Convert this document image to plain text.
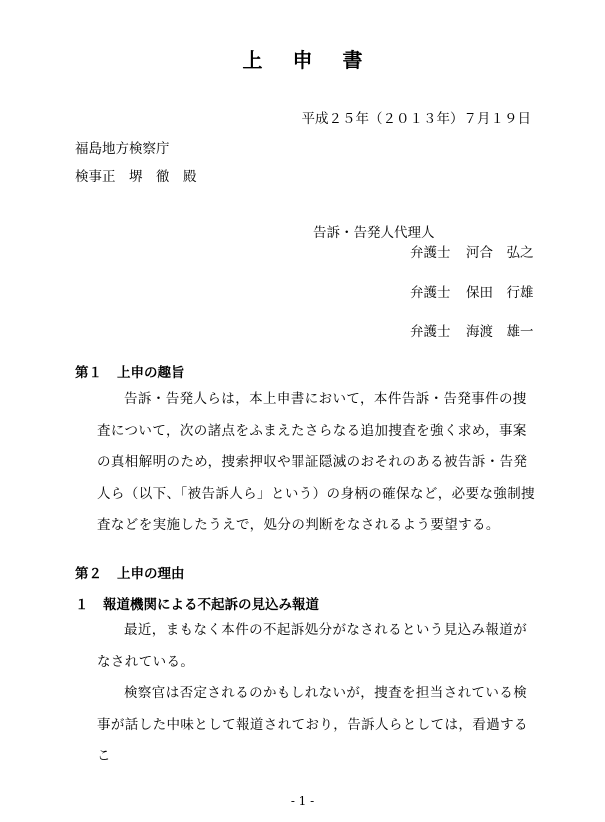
上申書
平成２５年（２０１３年）７月１９日
福島地方検察庁
検事正　堺　徹　殿
告訴・告発人代理人
弁護士 河合　弘之
弁護士 保田　行雄
弁護士 海渡　雄一
第１ 上申の趣旨

告訴・告発人らは，本上申書において，本件告訴・告発事件の捜査について，次の諸点をふまえたさらなる追加捜査を強く求め，事案の真相解明のため，捜索押収や罪証隠滅のおそれのある被告訴・告発人ら（以下、「被告訴人ら」という）の身柄の確保など，必要な強制捜査などを実施したうえで，処分の判断をなされるよう要望する。

第２ 上申の理由
１ 報道機関による不起訴の見込み報道

最近，まもなく本件の不起訴処分がなされるという見込み報道がなされている。

検察官は否定されるのかもしれないが，捜査を担当されている検事が話した中味として報道されており，告訴人らとしては，看過するこ

- 1 -
